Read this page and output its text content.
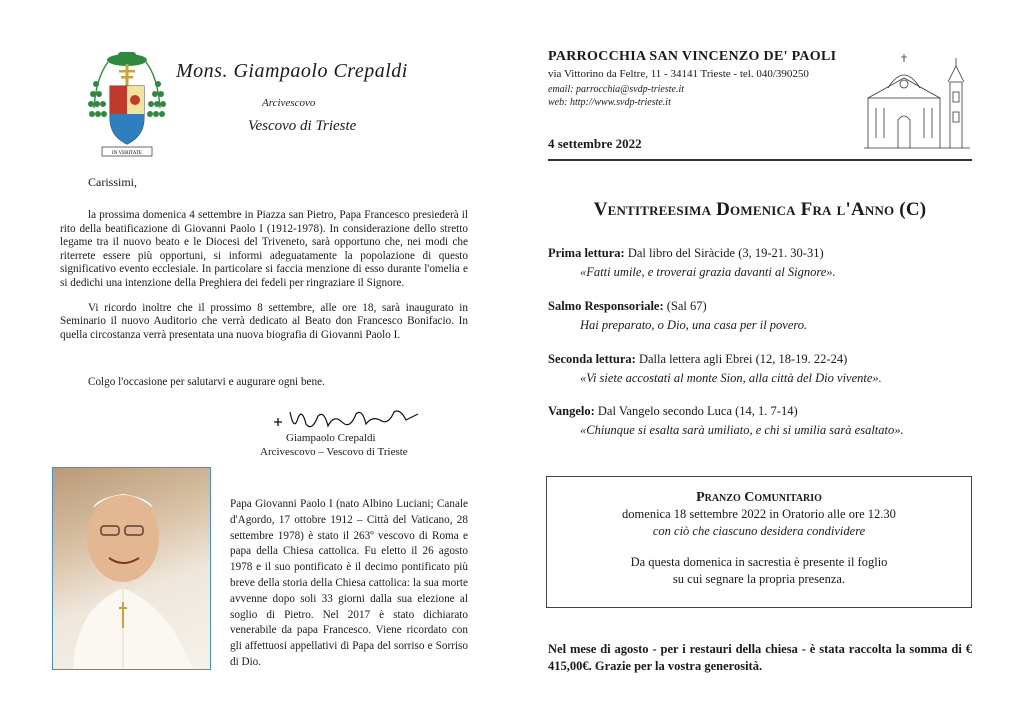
IN VERITATE
Mons. Giampaolo Crepaldi
Arcivescovo
Vescovo di Trieste
Carissimi,

la prossima domenica 4 settembre in Piazza san Pietro, Papa Francesco presiederà il rito della beatificazione di Giovanni Paolo I (1912-1978). In considerazione dello stretto legame tra il nuovo beato e le Diocesi del Triveneto, sarà opportuno che, nei modi che riterrete essere più opportuni, si informi adeguatamente la popolazione di questo significativo evento ecclesiale. In particolare si faccia menzione di esso durante l'omelia e si dedichi una intenzione della Preghiera dei fedeli per ringraziare il Signore.

Vi ricordo inoltre che il prossimo 8 settembre, alle ore 18, sarà inaugurato in Seminario il nuovo Auditorio che verrà dedicato al Beato don Francesco Bonifacio. In quella circostanza verrà presentata una nuova biografia di Giovanni Paolo I.

Colgo l'occasione per salutarvi e augurare ogni bene.
Giampaolo Crepaldi
Arcivescovo – Vescovo di Trieste
Papa Giovanni Paolo I (nato Albino Luciani; Canale d'Agordo, 17 ottobre 1912 – Città del Vaticano, 28 settembre 1978) è stato il 263º vescovo di Roma e papa della Chiesa cattolica. Fu eletto il 26 agosto 1978 e il suo pontificato è il decimo pontificato più breve della storia della Chiesa cattolica: la sua morte avvenne dopo soli 33 giorni dalla sua elezione al soglio di Pietro. Nel 2017 è stato dichiarato venerabile da papa Francesco. Viene ricordato con gli affettuosi appellativi di Papa del sorriso e Sorriso di Dio.
PARROCCHIA SAN VINCENZO DE' PAOLI
via Vittorino da Feltre, 11 - 34141 Trieste - tel. 040/390250
email: parrocchia@svdp-trieste.it
web: http://www.svdp-trieste.it
4 settembre 2022
Ventitreesima Domenica Fra l'Anno (C)
Prima lettura: Dal libro del Siràcide (3, 19-21. 30-31)
«Fatti umile, e troverai grazia davanti al Signore».
Salmo Responsoriale: (Sal 67)
Hai preparato, o Dio, una casa per il povero.
Seconda lettura: Dalla lettera agli Ebrei (12, 18-19. 22-24)
«Vi siete accostati al monte Sion, alla città del Dio vivente».
Vangelo: Dal Vangelo secondo Luca (14, 1. 7-14)
«Chiunque si esalta sarà umiliato, e chi si umilia sarà esaltato».
Pranzo Comunitario
domenica 18 settembre 2022 in Oratorio alle ore 12.30
con ciò che ciascuno desidera condividere
Da questa domenica in sacrestia è presente il foglio
su cui segnare la propria presenza.
Nel mese di agosto - per i restauri della chiesa - è stata raccolta la somma di € 415,00€. Grazie per la vostra generosità.
